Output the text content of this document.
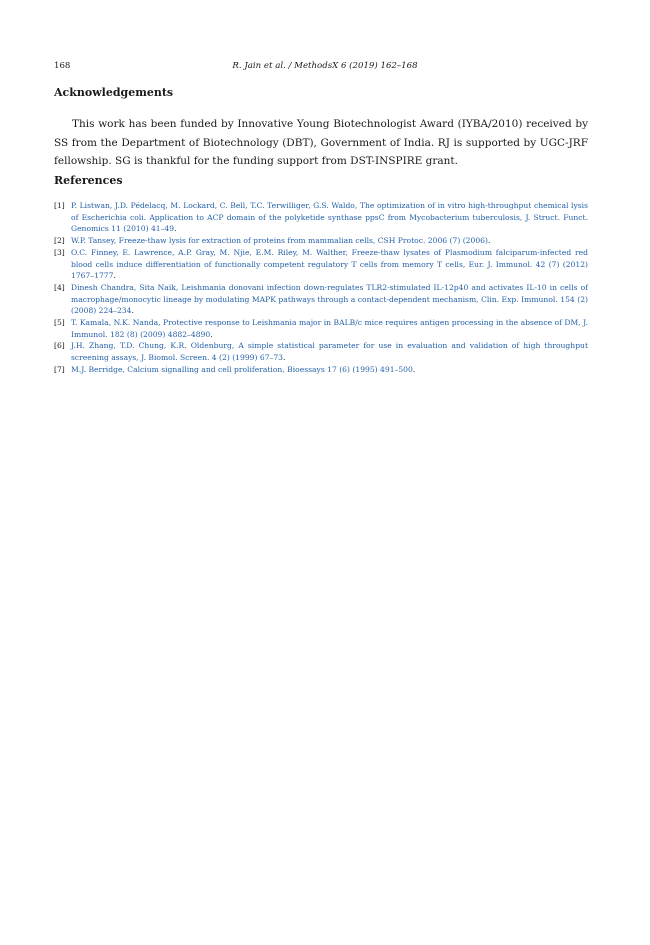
168	R. Jain et al. / MethodsX 6 (2019) 162–168
Acknowledgements

This work has been funded by Innovative Young Biotechnologist Award (IYBA/2010) received by SS from the Department of Biotechnology (DBT), Government of India. RJ is supported by UGC-JRF fellowship. SG is thankful for the funding support from DST-INSPIRE grant.

References
[1] P. Listwan, J.D. Pédelacq, M. Lockard, C. Bell, T.C. Terwilliger, G.S. Waldo, The optimization of in vitro high-throughput chemical lysis of Escherichia coli. Application to ACP domain of the polyketide synthase ppsC from Mycobacterium tuberculosis, J. Struct. Funct. Genomics 11 (2010) 41–49.
[2] W.P. Tansey, Freeze-thaw lysis for extraction of proteins from mammalian cells, CSH Protoc. 2006 (7) (2006).
[3] O.C. Finney, E. Lawrence, A.P. Gray, M. Njie, E.M. Riley, M. Walther, Freeze-thaw lysates of Plasmodium falciparum-infected red blood cells induce differentiation of functionally competent regulatory T cells from memory T cells, Eur. J. Immunol. 42 (7) (2012) 1767–1777.
[4] Dinesh Chandra, Sita Naik, Leishmania donovani infection down-regulates TLR2-stimulated IL-12p40 and activates IL-10 in cells of macrophage/monocytic lineage by modulating MAPK pathways through a contact-dependent mechanism, Clin. Exp. Immunol. 154 (2) (2008) 224–234.
[5] T. Kamala, N.K. Nanda, Protective response to Leishmania major in BALB/c mice requires antigen processing in the absence of DM, J. Immunol. 182 (8) (2009) 4882–4890.
[6] J.H. Zhang, T.D. Chung, K.R. Oldenburg, A simple statistical parameter for use in evaluation and validation of high throughput screening assays, J. Biomol. Screen. 4 (2) (1999) 67–73.
[7] M.J. Berridge, Calcium signalling and cell proliferation, Bioessays 17 (6) (1995) 491–500.
